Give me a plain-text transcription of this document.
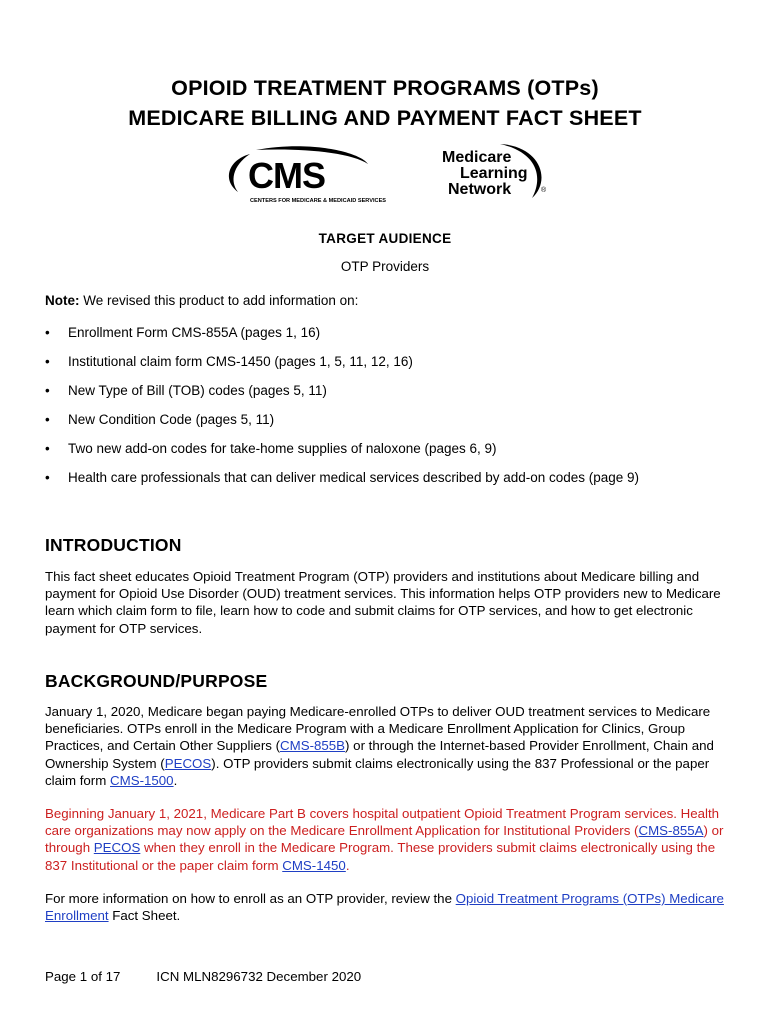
OPIOID TREATMENT PROGRAMS (OTPs)
MEDICARE BILLING AND PAYMENT FACT SHEET
CMS
CENTERS FOR MEDICARE & MEDICAID SERVICES
Medicare
Learning
Network	®
TARGET AUDIENCE
OTP Providers
Note: We revised this product to add information on:
• Enrollment Form CMS-855A (pages 1, 16)
• Institutional claim form CMS-1450 (pages 1, 5, 11, 12, 16)
• New Type of Bill (TOB) codes (pages 5, 11)
• New Condition Code (pages 5, 11)
• Two new add-on codes for take-home supplies of naloxone (pages 6, 9)
• Health care professionals that can deliver medical services described by add-on codes (page 9)
INTRODUCTION

This fact sheet educates Opioid Treatment Program (OTP) providers and institutions about Medicare billing and payment for Opioid Use Disorder (OUD) treatment services. This information helps OTP providers new to Medicare learn which claim form to file, learn how to code and submit claims for OTP services, and how to get electronic payment for OTP services.

BACKGROUND/PURPOSE

January 1, 2020, Medicare began paying Medicare-enrolled OTPs to deliver OUD treatment services to Medicare beneficiaries. OTPs enroll in the Medicare Program with a Medicare Enrollment Application for Clinics, Group Practices, and Certain Other Suppliers (CMS-855B) or through the Internet-based Provider Enrollment, Chain and Ownership System (PECOS). OTP providers submit claims electronically using the 837 Professional or the paper claim form CMS-1500.

Beginning January 1, 2021, Medicare Part B covers hospital outpatient Opioid Treatment Program services. Health care organizations may now apply on the Medicare Enrollment Application for Institutional Providers (CMS-855A) or through PECOS when they enroll in the Medicare Program. These providers submit claims electronically using the 837 Institutional or the paper claim form CMS-1450.

For more information on how to enroll as an OTP provider, review the Opioid Treatment Programs (OTPs) Medicare Enrollment Fact Sheet.

Page 1 of 17	ICN MLN8296732 December 2020
